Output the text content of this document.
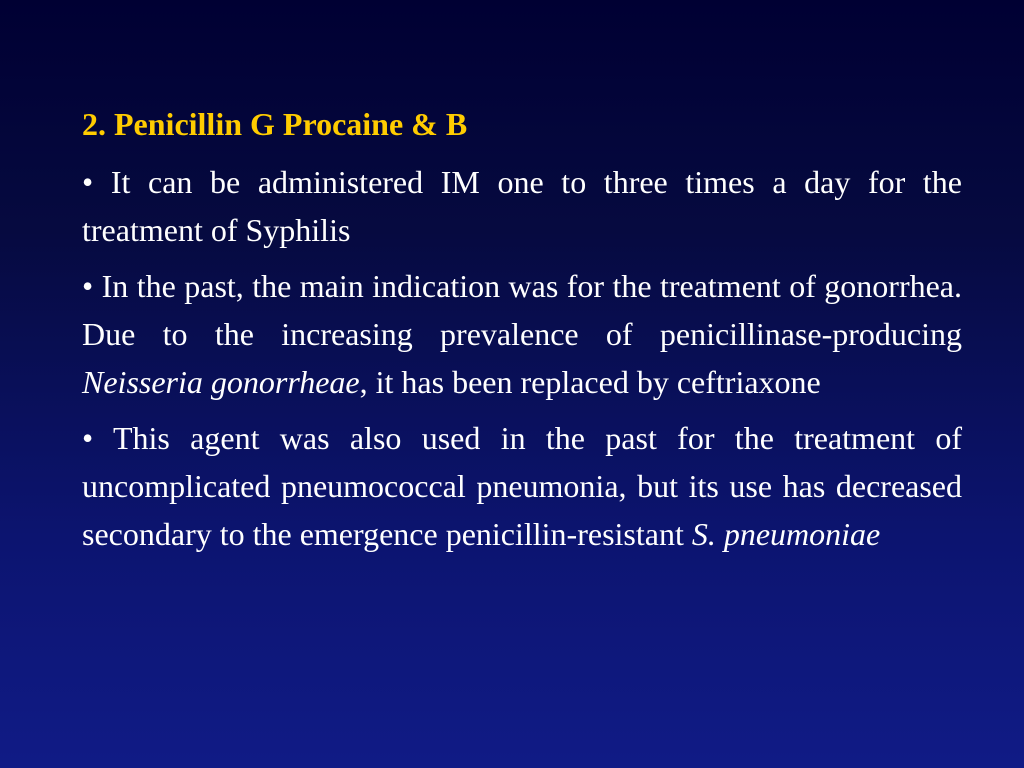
2. Penicillin G Procaine & B

• It can be administered IM one to three times a day for the treatment of Syphilis

• In the past, the main indication was for the treatment of gonorrhea. Due to the increasing prevalence of penicillinase-producing Neisseria gonorrheae, it has been replaced by ceftriaxone

• This agent was also used in the past for the treatment of uncomplicated pneumococcal pneumonia, but its use has decreased secondary to the emergence penicillin-resistant S. pneumoniae
